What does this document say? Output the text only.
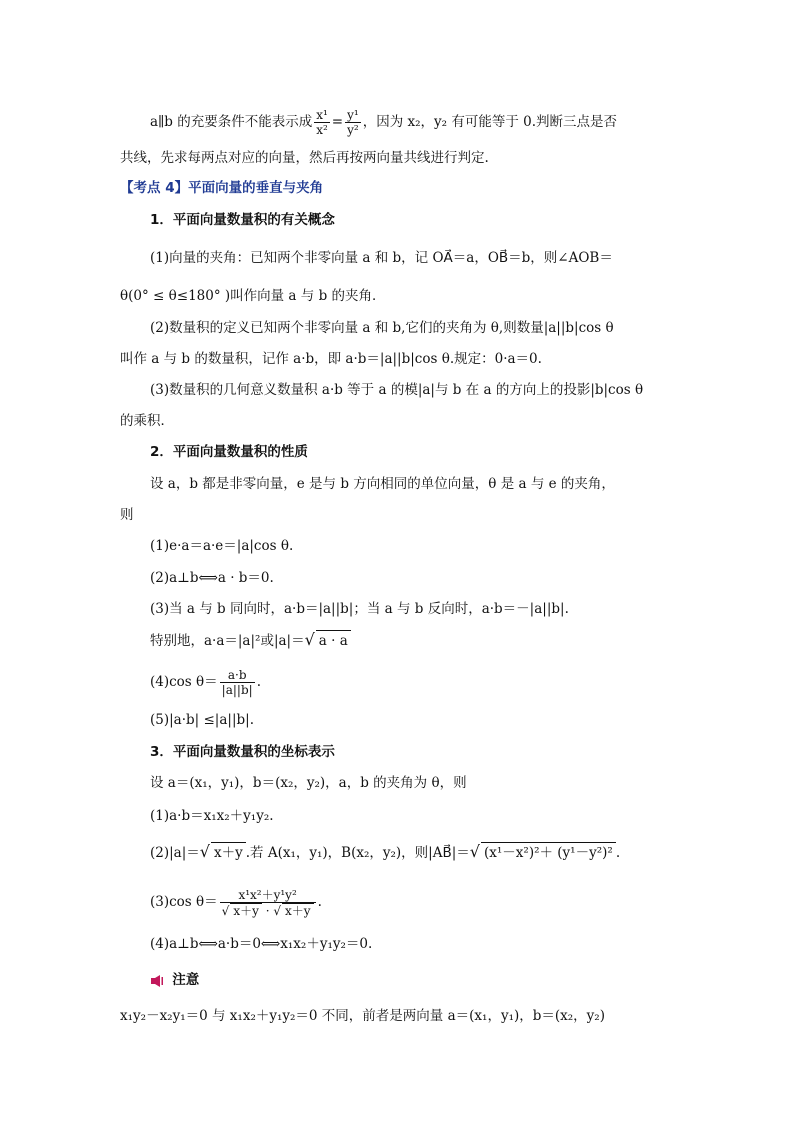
a∥b 的充要条件不能表示成 $\frac{\text{x¹}}{\text{x²}} = \frac{\text{y¹}}{\text{y²}}$ ，因为 x₂，y₂ 有可能等于 0.判断三点是否
共线，先求每两点对应的向量，然后再按两向量共线进行判定.
【考点 4】平面向量的垂直与夹角
1．平面向量数量积的有关概念
(1)向量的夹角：已知两个非零向量 a 和 b，记 OA⃗＝a，OB⃗＝b，则∠AOB＝
θ(0° ≤ θ≤180° )叫作向量 a 与 b 的夹角．
(2)数量积的定义已知两个非零向量 a 和 b,它们的夹角为 θ,则数量|a||b|cos θ
叫作 a 与 b 的数量积，记作 a·b，即 a·b＝|a||b|cos θ.规定：0·a＝0.
(3)数量积的几何意义数量积 a·b 等于 a 的模|a|与 b 在 a 的方向上的投影|b|cos θ
的乘积．
2．平面向量数量积的性质
设 a，b 都是非零向量，e 是与 b 方向相同的单位向量，θ 是 a 与 e 的夹角，
则
(1)e·a＝a·e＝|a|cos θ.
(2)a⊥b⟺a · b＝0.
(3)当 a 与 b 同向时，a·b＝|a||b|；当 a 与 b 反向时，a·b＝－|a||b|.
特别地，a·a＝|a|²或|a|＝√ a · a
(4)cos $\theta= \frac{a\cdot b}{|a||b|}$ .
(5)|a·b| ≤|a||b|.
3．平面向量数量积的坐标表示
设 a＝(x₁，y₁)，b＝(x₂，y₂)，a，b 的夹角为 θ，则
(1)a·b＝x₁x₂＋y₁y₂.
(2)|a|＝√ x＋y .若 A(x₁，y₁)，B(x₂，y₂)，则|AB⃗|＝√ (x¹－x²)²＋ (y¹－y²)² .
(3)cos $\theta= \frac{\text{x¹x²＋y¹y²}}{√ x+y \cdot √ x+y}$ .
(4)a⊥b⟺a·b＝0⟺x₁x₂＋y₁y₂＝0.
注意
x₁y₂－x₂y₁＝0 与 x₁x₂＋y₁y₂＝0 不同，前者是两向量 a＝(x₁，y₁)，b＝(x₂，y₂)
